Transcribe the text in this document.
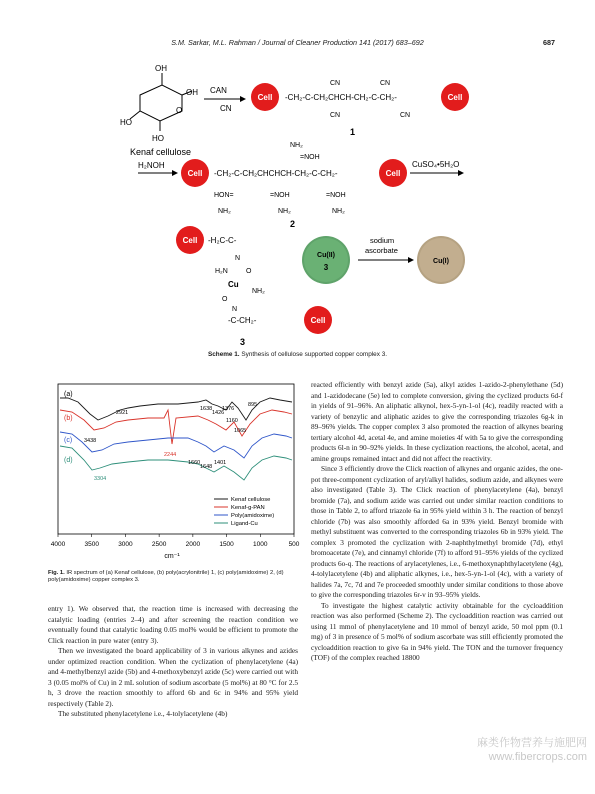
S.M. Sarkar, M.L. Rahman / Journal of Cleaner Production 141 (2017) 683–692	687
OH
HO
HO
OH
O
Kenaf cellulose
CAN
CN
Cell -CH₂-C-CH₂CHCH-CH₂-C-CH₂-
CN
CN
CN
CN
Cell
1
H₂NOH
Cell -CH₂-C-CH₂CHCHCH-CH₂-C-CH₂-
NH₂
=NOH
HON=
NH₂
=NOH
NH₂
=NOH
NH₂
Cell
CuSO₄•5H₂O
2
Cell -H₂C-C-
N
H₂N	O
Cu
NH₂
O
N
-C-CH₂-	Cell
3
Cu(II)
3
sodium
ascorbate
Cu(I)
Scheme 1. Synthesis of cellulose supported copper complex 3.
(a)
(b)
(c)
(d)
2921
3438
1638
1426
1376
1160
1065
895
2244
1660
1648
1401
3304
Kenaf cellulose
Kenaf-g-PAN
Poly(amidoxime)
Ligand-Cu
4000	3500	3000	2500	2000	1500	1000	500
cm⁻¹
Fig. 1. IR spectrum of (a) Kenaf cellulose, (b) poly(acrylonitrile) 1, (c) poly(amidoxime) 2, (d) poly(amidoxime) copper complex 3.

entry 1). We observed that, the reaction time is increased with decreasing the catalytic loading (entries 2–4) and after screening the reaction condition we eventually found that catalytic loading 0.05 mol% would be efficient to promote the Click reaction in pure water (entry 3).

Then we investigated the board applicability of 3 in various alkynes and azides under optimized reaction condition. When the cyclization of phenylacetylene (4a) and 4-methylbenzyl azide (5b) and 4-methoxybenzyl azide (5c) were carried out with 3 (0.05 mol% of Cu) in 2 mL solution of sodium ascorbate (5 mol%) at 80 °C for 2.5 h, 3 drove the reaction smoothly to afford 6b and 6c in 94% and 95% yield respectively (Table 2).

The substituted phenylacetylene i.e., 4-tolylacetylene (4b)

reacted efficiently with benzyl azide (5a), alkyl azides 1-azido-2-phenylethane (5d) and 1-azidodecane (5e) led to complete conversion, giving the cyclized products 6d-f in yields of 91–96%. An aliphatic alkynol, hex-5-yn-1-ol (4c), readily reacted with a variety of benzylic and aliphatic azides to give the corresponding triazoles 6g-k in 89–96% yields. The copper complex 3 also promoted the reaction of alkynes bearing tertiary alcohol 4d, acetal 4e, and amine moieties 4f with 5a to give the corresponding products 6l-n in 90–92% yields. In these cyclization reactions, the alcohol, acetal, and amine groups remained intact and did not affect the reactivity.

Since 3 efficiently drove the Click reaction of alkynes and organic azides, the one-pot three-component cyclization of aryl/alkyl halides, sodium azide, and alkynes were also investigated (Table 3). The Click reaction of phenylacetylene (4a), benzyl bromide (7a), and sodium azide was carried out under similar reaction conditions to those in Table 2, to afford triazole 6a in 95% yield within 3 h. The reaction of benzyl chloride (7b) was also smoothly afforded 6a in 93% yield. Benzyl bromide with methyl substituent was converted to the corresponding triazoles 6b in 93% yield. The complex 3 promoted the cyclization with 2-naphthylmethyl bromide (7d), ethyl bromoacetate (7e), and cinnamyl chloride (7f) to afford 91–95% yields of the cyclized products 6o-q. The reactions of arylacetylenes, i.e., 6-methoxynaphthylacetylene (4g), 4-tolylacetylene (4b) and aliphatic alkynes, i.e., hex-5-yn-1-ol (4c), with a variety of halides 7a, 7c, 7d and 7e proceeded smoothly under similar conditions to those above to give the corresponding triazoles 6r-v in 93–95% yields.

To investigate the highest catalytic activity obtainable for the cycloaddition reaction was also performed (Scheme 2). The cycloaddition reaction was carried out using 11 mmol of phenylacetylene and 10 mmol of benzyl azide, 50 mol ppm (0.1 mg) of 3 in presence of 5 mol% of sodium ascorbate was still efficiently promoted the cycloaddition reaction to give 6a in 94% yield. The TON and the turnover frequency (TOF) of the complex reached 18800

麻类作物营养与施肥网
www.fibercrops.com
